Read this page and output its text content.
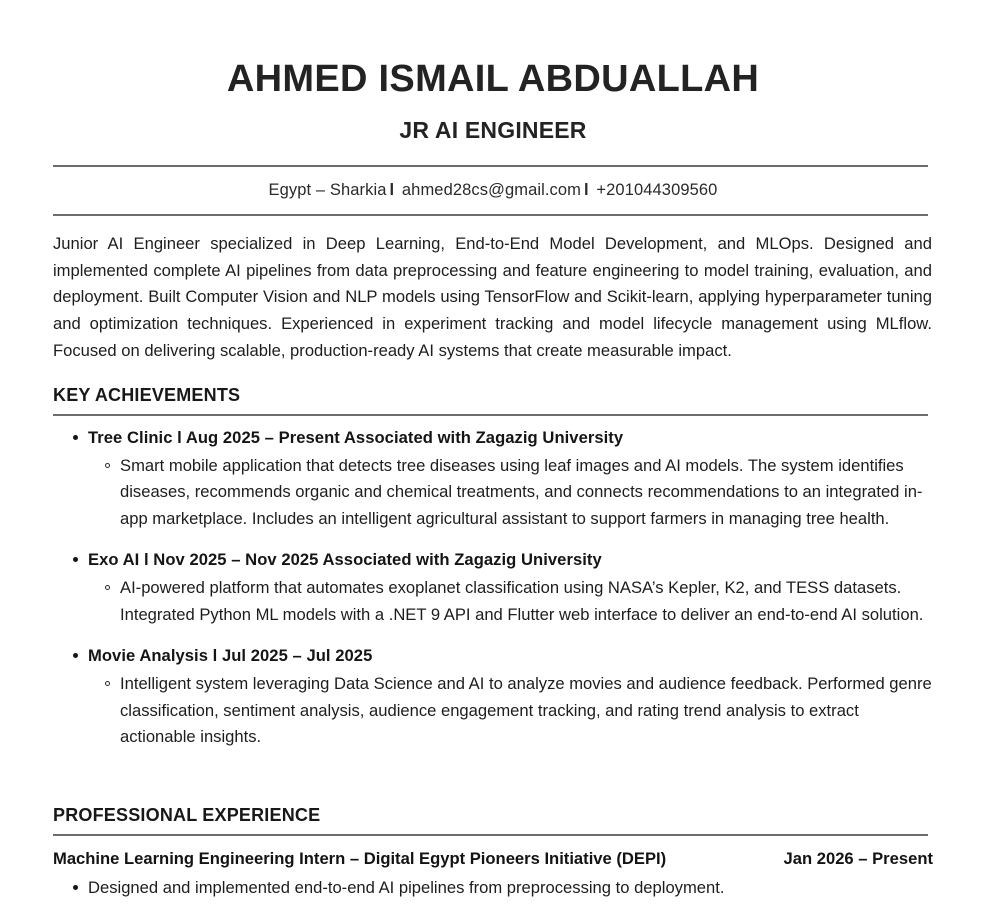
AHMED ISMAIL ABDUALLAH
JR AI ENGINEER
Egypt – Sharkia l ahmed28cs@gmail.com l +201044309560

Junior AI Engineer specialized in Deep Learning, End-to-End Model Development, and MLOps. Designed and implemented complete AI pipelines from data preprocessing and feature engineering to model training, evaluation, and deployment. Built Computer Vision and NLP models using TensorFlow and Scikit-learn, applying hyperparameter tuning and optimization techniques. Experienced in experiment tracking and model lifecycle management using MLflow. Focused on delivering scalable, production-ready AI systems that create measurable impact.

KEY ACHIEVEMENTS
Tree Clinic l Aug 2025 – Present Associated with Zagazig University
Smart mobile application that detects tree diseases using leaf images and AI models. The system identifies diseases, recommends organic and chemical treatments, and connects recommendations to an integrated in-app marketplace. Includes an intelligent agricultural assistant to support farmers in managing tree health.
Exo AI l Nov 2025 – Nov 2025 Associated with Zagazig University
AI-powered platform that automates exoplanet classification using NASA’s Kepler, K2, and TESS datasets. Integrated Python ML models with a .NET 9 API and Flutter web interface to deliver an end-to-end AI solution.
Movie Analysis l Jul 2025 – Jul 2025
Intelligent system leveraging Data Science and AI to analyze movies and audience feedback. Performed genre classification, sentiment analysis, audience engagement tracking, and rating trend analysis to extract actionable insights.
PROFESSIONAL EXPERIENCE
Machine Learning Engineering Intern – Digital Egypt Pioneers Initiative (DEPI)	Jan 2026 – Present
Designed and implemented end-to-end AI pipelines from preprocessing to deployment.
